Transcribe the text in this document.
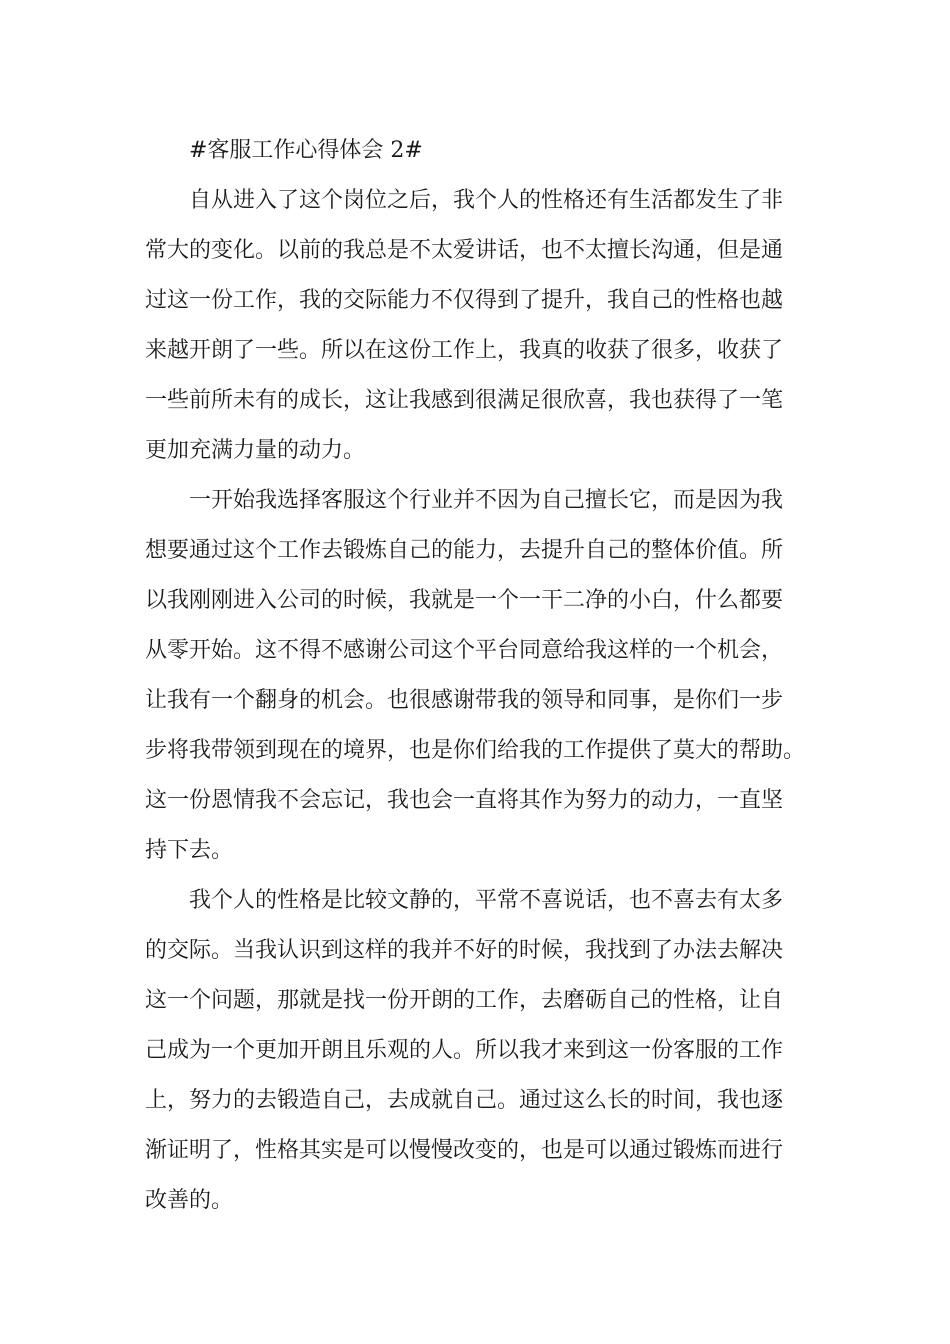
#客服工作心得体会 2#

自从进入了这个岗位之后，我个人的性格还有生活都发生了非
常大的变化。以前的我总是不太爱讲话，也不太擅长沟通，但是通
过这一份工作，我的交际能力不仅得到了提升，我自己的性格也越
来越开朗了一些。所以在这份工作上，我真的收获了很多，收获了
一些前所未有的成长，这让我感到很满足很欣喜，我也获得了一笔
更加充满力量的动力。
一开始我选择客服这个行业并不因为自己擅长它，而是因为我
想要通过这个工作去锻炼自己的能力，去提升自己的整体价值。所
以我刚刚进入公司的时候，我就是一个一干二净的小白，什么都要
从零开始。这不得不感谢公司这个平台同意给我这样的一个机会，
让我有一个翻身的机会。也很感谢带我的领导和同事，是你们一步
步将我带领到现在的境界，也是你们给我的工作提供了莫大的帮助。
这一份恩情我不会忘记，我也会一直将其作为努力的动力，一直坚
持下去。
我个人的性格是比较文静的，平常不喜说话，也不喜去有太多
的交际。当我认识到这样的我并不好的时候，我找到了办法去解决
这一个问题，那就是找一份开朗的工作，去磨砺自己的性格，让自
己成为一个更加开朗且乐观的人。所以我才来到这一份客服的工作
上，努力的去锻造自己，去成就自己。通过这么长的时间，我也逐
渐证明了，性格其实是可以慢慢改变的，也是可以通过锻炼而进行
改善的。
